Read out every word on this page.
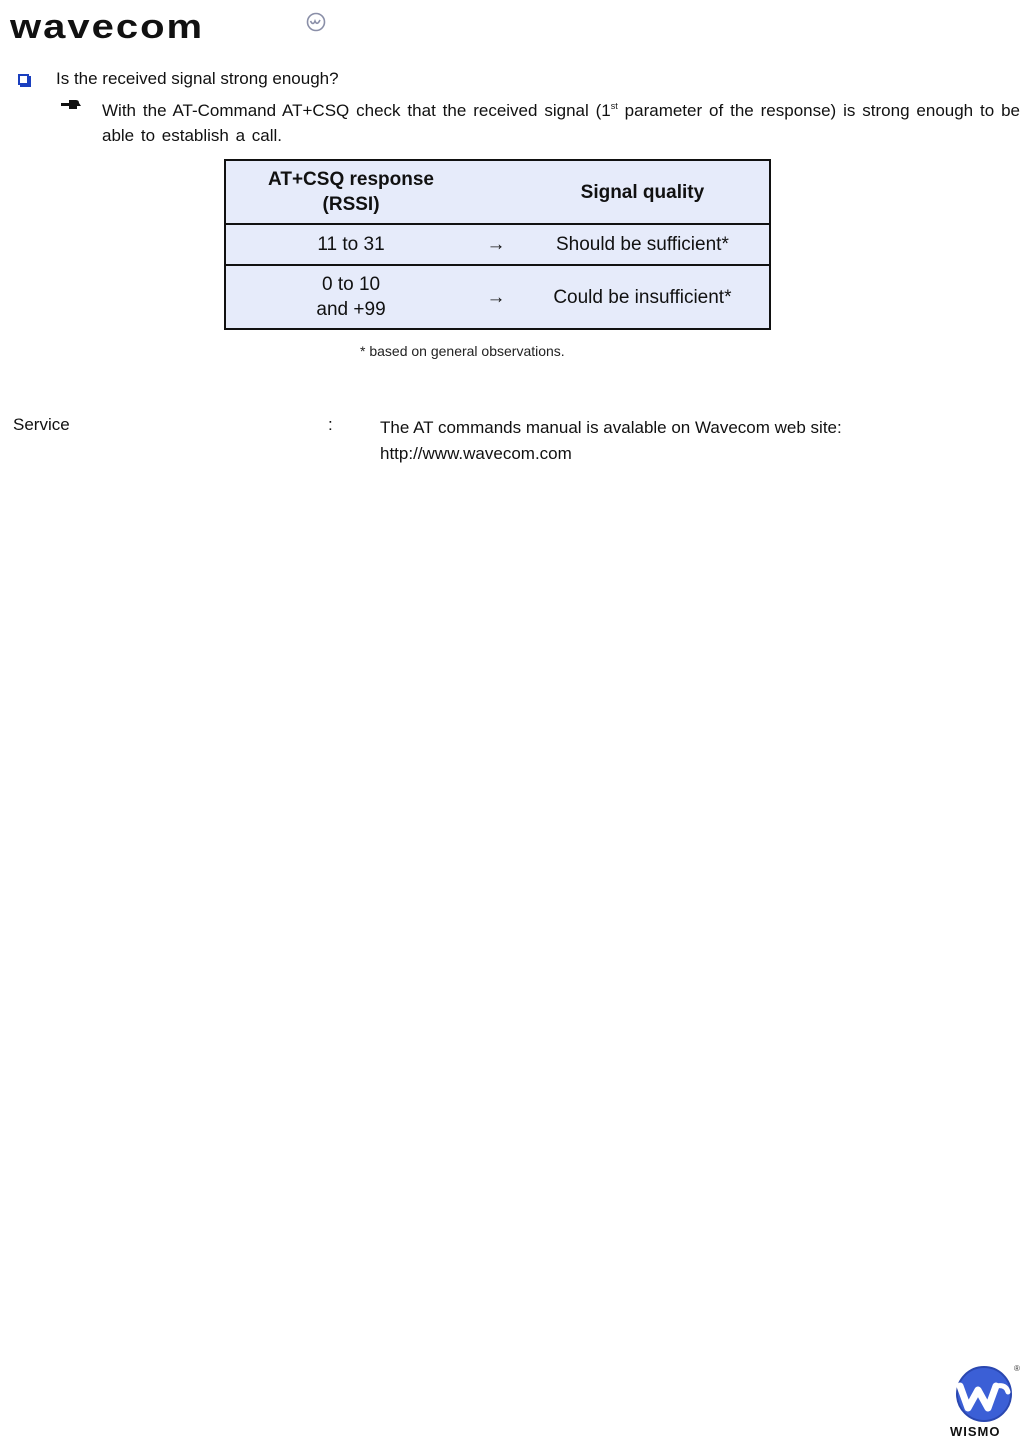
wavecom
Is the received signal strong enough?
With the AT-Command AT+CSQ check that the received signal (1st parameter of the response) is strong enough to be able to establish a call.
AT+CSQ response
(RSSI)		Signal quality

11 to 31	→	Should be sufficient*

0 to 10
and +99	→	Could be insufficient*
* based on general observations.
Service	:	The AT commands manual is avalable on Wavecom web site:
http://www.wavecom.com
WISMO
®
